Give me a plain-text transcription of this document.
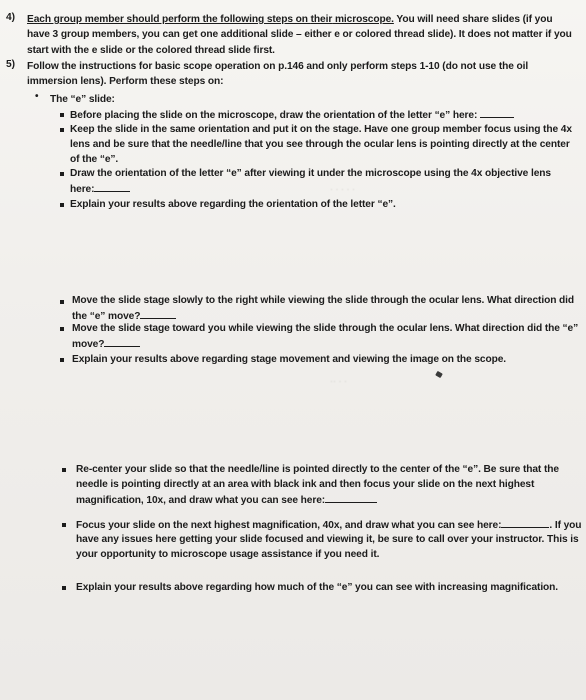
· · · · ·
·· · ·
4) Each group member should perform the following steps on their microscope. You will need share slides (if you
have 3 group members, you can get one additional slide – either e or colored thread slide). It does not matter if you
start with the e slide or the colored thread slide first.
5) Follow the instructions for basic scope operation on p.146 and only perform steps 1-10 (do not use the oil
immersion lens). Perform these steps on:
• The “e” slide:
Before placing the slide on the microscope, draw the orientation of the letter “e” here:
Keep the slide in the same orientation and put it on the stage. Have one group member focus using the 4x
lens and be sure that the needle/line that you see through the ocular lens is pointing directly at the center
of the “e”.
Draw the orientation of the letter “e” after viewing it under the microscope using the 4x objective lens
here:
Explain your results above regarding the orientation of the letter “e”.
Move the slide stage slowly to the right while viewing the slide through the ocular lens. What direction did
the “e” move?
Move the slide stage toward you while viewing the slide through the ocular lens. What direction did the “e”
move?
Explain your results above regarding stage movement and viewing the image on the scope.
Re-center your slide so that the needle/line is pointed directly to the center of the “e”. Be sure that the
needle is pointing directly at an area with black ink and then focus your slide on the next highest
magnification, 10x, and draw what you can see here:
Focus your slide on the next highest magnification, 40x, and draw what you can see here:	. If you
have any issues here getting your slide focused and viewing it, be sure to call over your instructor. This is
your opportunity to microscope usage assistance if you need it.
Explain your results above regarding how much of the “e” you can see with increasing magnification.
